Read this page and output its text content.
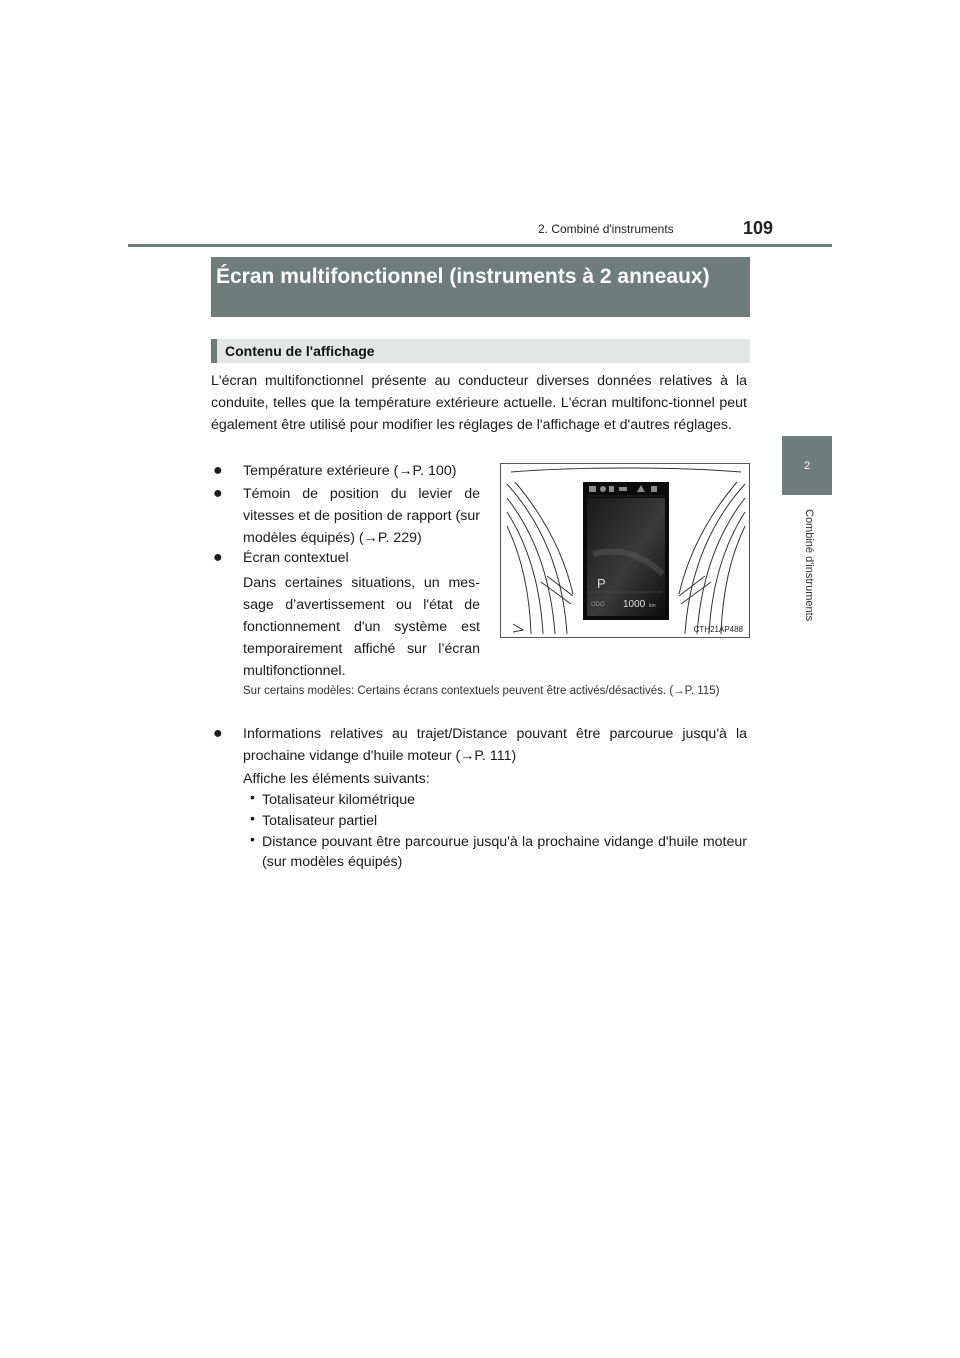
2. Combiné d'instruments	109
2
Combiné d'instruments
Écran multifonctionnel (instruments à 2 anneaux)
Contenu de l'affichage
L'écran multifonctionnel présente au conducteur diverses données relatives à la conduite, telles que la température extérieure actuelle. L'écran multifonc-tionnel peut également être utilisé pour modifier les réglages de l'affichage et d'autres réglages.
● Température extérieure (→P. 100)
● Témoin de position du levier de vitesses et de position de rapport (sur modèles équipés) (→P. 229)
● Écran contextuel
Dans certaines situations, un mes-sage d’avertissement ou l'état de fonctionnement d'un système est temporairement affiché sur l’écran multifonctionnel.
P
ODO 1000 km
CTH21AP488
Sur certains modèles: Certains écrans contextuels peuvent être activés/désactivés. (→P. 115)
● Informations relatives au trajet/Distance pouvant être parcourue jusqu'à la prochaine vidange d'huile moteur (→P. 111)
Affiche les éléments suivants:
• Totalisateur kilométrique
• Totalisateur partiel
• Distance pouvant être parcourue jusqu'à la prochaine vidange d'huile moteur (sur modèles équipés)
